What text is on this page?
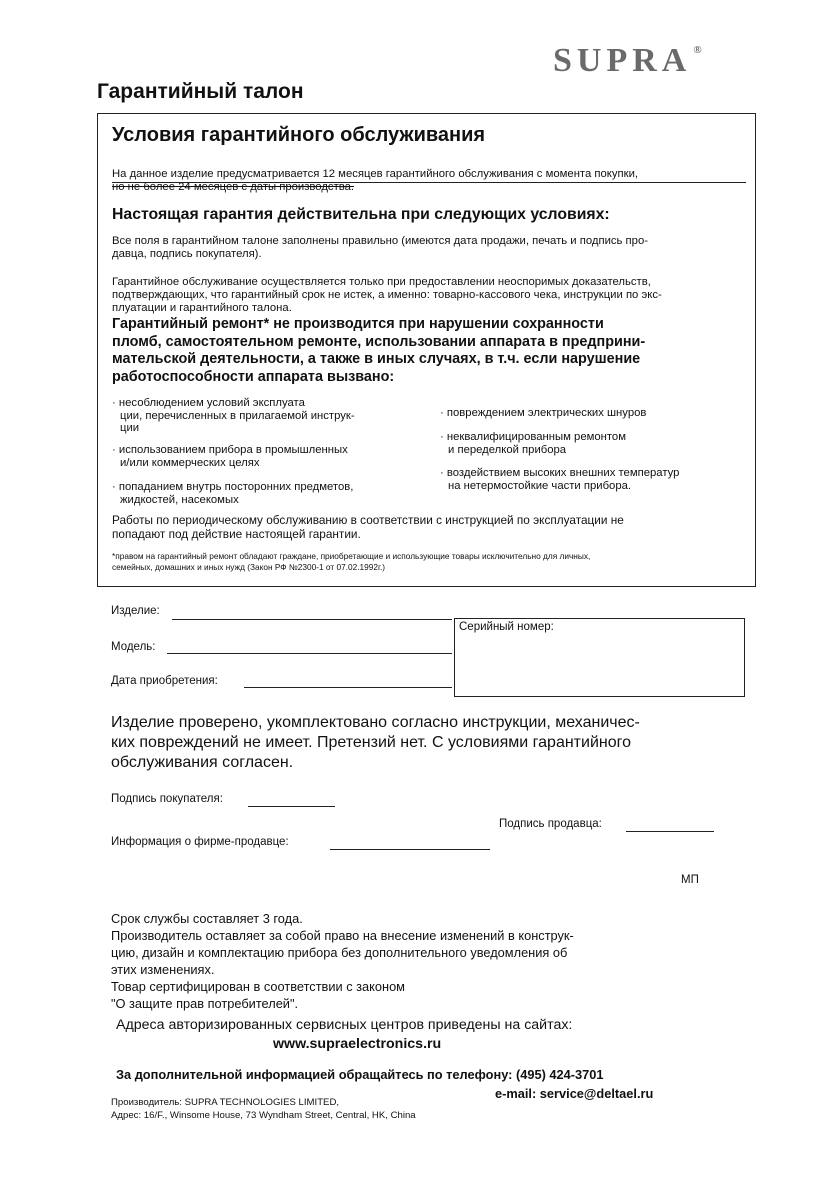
SUPRA ®
Гарантийный талон
Условия гарантийного обслуживания
На данное изделие предусматривается 12 месяцев гарантийного обслуживания с момента покупки,
но не более 24 месяцев с даты производства.
Настоящая гарантия действительна при следующих условиях:
Все поля в гарантийном талоне заполнены правильно (имеются дата продажи, печать и подпись про-
давца, подпись покупателя).
Гарантийное обслуживание осуществляется только при предоставлении неоспоримых доказательств,
подтверждающих, что гарантийный срок не истек, а именно: товарно-кассового чека, инструкции по экс-
плуатации и гарантийного талона.
Гарантийный ремонт* не производится при нарушении сохранности
пломб, самостоятельном ремонте, использовании аппарата в предприни-
мательской деятельности, а также в иных случаях, в т.ч. если нарушение
работоспособности аппарата вызвано:
· несоблюдением условий эксплуата
ции, перечисленных в прилагаемой инструк-
ции
· использованием прибора в промышленных
и/или коммерческих целях
· попаданием внутрь посторонних предметов,
жидкостей, насекомых
· повреждением электрических шнуров
· неквалифицированным ремонтом
и переделкой прибора
· воздействием высоких внешних температур
на нетермостойкие части прибора.
Работы по периодическому обслуживанию в соответствии с инструкцией по эксплуатации не
попадают под действие настоящей гарантии.
*правом на гарантийный ремонт обладают граждане, приобретающие и использующие товары исключительно для личных,
семейных, домашних и иных нужд (Закон РФ №2300-1 от 07.02.1992г.)
Изделие:
Модель:
Дата приобретения:
Серийный номер:
Изделие проверено, укомплектовано согласно инструкции, механичес-
ких повреждений не имеет. Претензий нет. С условиями гарантийного
обслуживания согласен.
Подпись покупателя:
Подпись продавца:
Информация о фирме-продавце:
МП
Срок службы составляет 3 года.
Производитель оставляет за собой право на внесение изменений в конструк-
цию, дизайн и комплектацию прибора без дополнительного уведомления об
этих изменениях.
Товар сертифицирован в соответствии с законом
"О защите прав потребителей".
Адреса авторизированных сервисных центров приведены на сайтах:
www.supraelectronics.ru
За дополнительной информацией обращайтесь по телефону: (495) 424-3701
e-mail: service@deltael.ru
Производитель: SUPRA TECHNOLOGIES LIMITED,
Адрес: 16/F., Winsome House, 73 Wyndham Street, Central, HK, China
